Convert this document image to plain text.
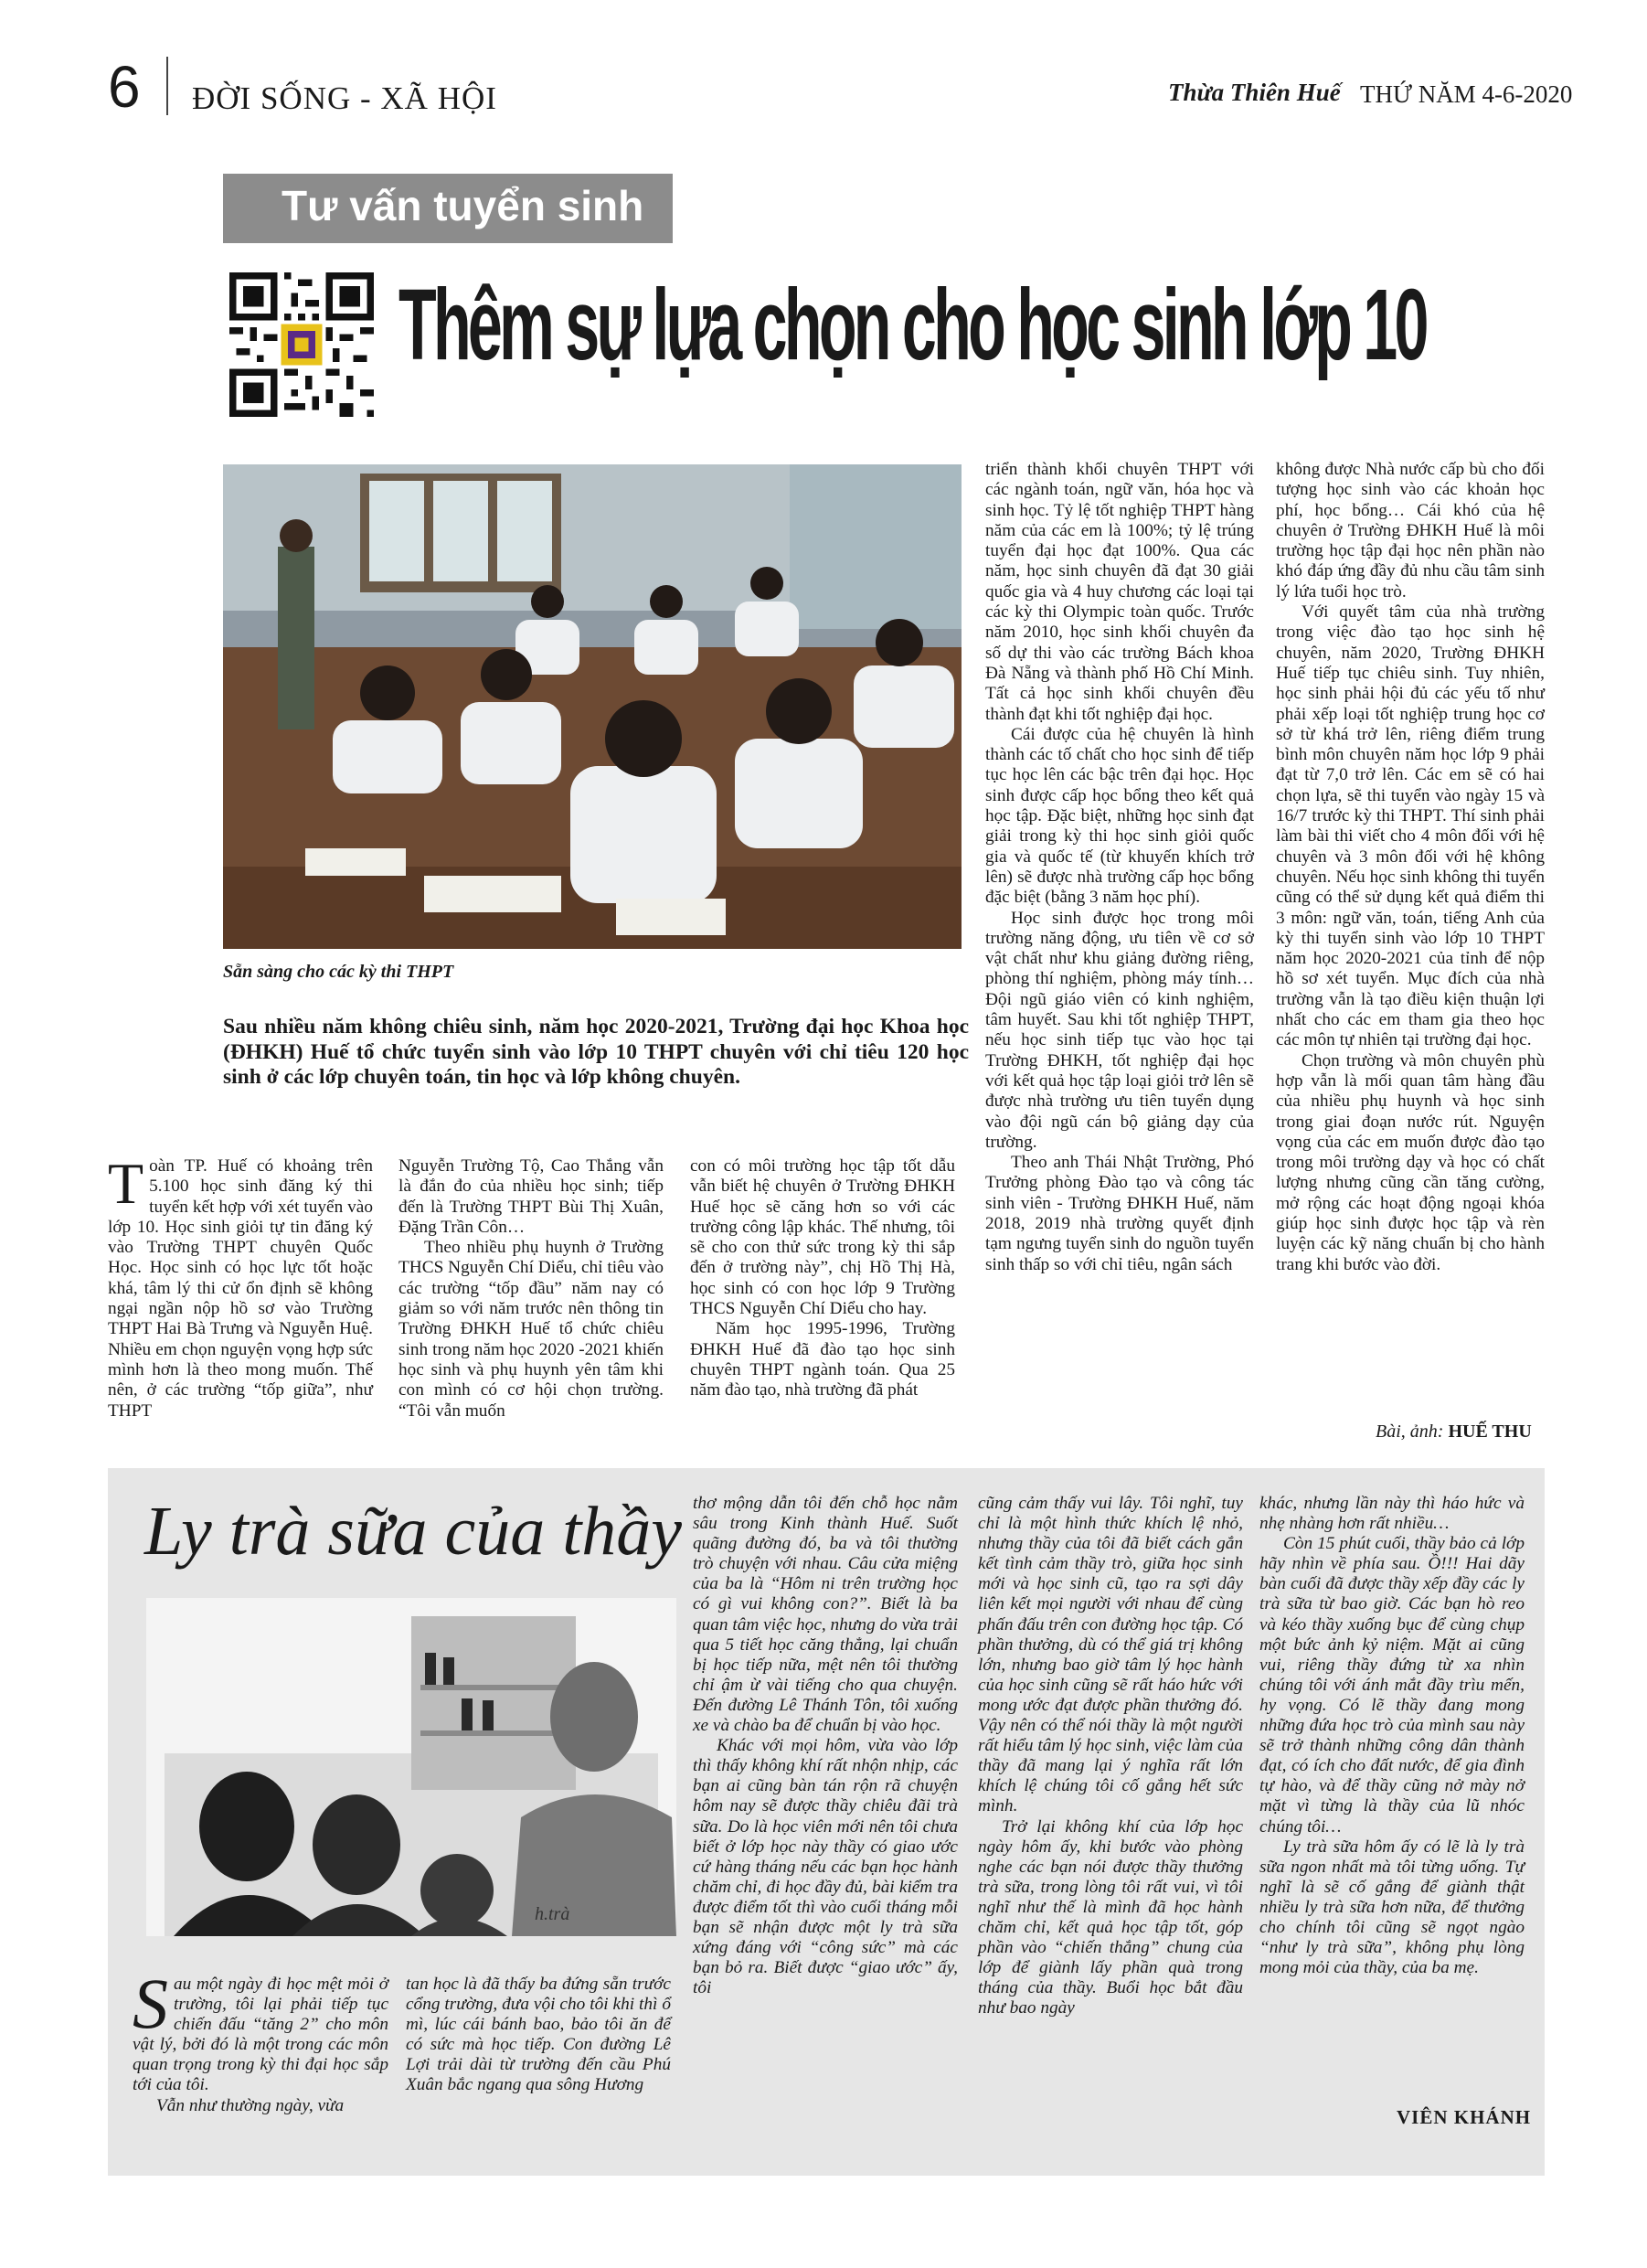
6 ĐỜI SỐNG - XÃ HỘI	Thừa Thiên Huế THỨ NĂM 4-6-2020
Tư vấn tuyển sinh
Thêm sự lựa chọn cho học sinh lớp 10
Sẵn sàng cho các kỳ thi THPT
Sau nhiều năm không chiêu sinh, năm học 2020-2021, Trường đại học Khoa học (ĐHKH) Huế tổ chức tuyển sinh vào lớp 10 THPT chuyên với chỉ tiêu 120 học sinh ở các lớp chuyên toán, tin học và lớp không chuyên.

Toàn TP. Huế có khoảng trên 5.100 học sinh đăng ký thi tuyển kết hợp với xét tuyển vào lớp 10. Học sinh giỏi tự tin đăng ký vào Trường THPT chuyên Quốc Học. Học sinh có học lực tốt hoặc khá, tâm lý thi cử ổn định sẽ không ngại ngần nộp hồ sơ vào Trường THPT Hai Bà Trưng và Nguyễn Huệ. Nhiều em chọn nguyện vọng hợp sức mình hơn là theo mong muốn. Thế nên, ở các trường “tốp giữa”, như THPT

Nguyễn Trường Tộ, Cao Thắng vẫn là đắn đo của nhiều học sinh; tiếp đến là Trường THPT Bùi Thị Xuân, Đặng Trần Côn…

Theo nhiều phụ huynh ở Trường THCS Nguyễn Chí Diểu, chỉ tiêu vào các trường “tốp đầu” năm nay có giảm so với năm trước nên thông tin Trường ĐHKH Huế tổ chức chiêu sinh trong năm học 2020 -2021 khiến học sinh và phụ huynh yên tâm khi con mình có cơ hội chọn trường. “Tôi vẫn muốn

con có môi trường học tập tốt dẫu vẫn biết hệ chuyên ở Trường ĐHKH Huế học sẽ căng hơn so với các trường công lập khác. Thế nhưng, tôi sẽ cho con thử sức trong kỳ thi sắp đến ở trường này”, chị Hồ Thị Hà, học sinh có con học lớp 9 Trường THCS Nguyễn Chí Diểu cho hay.

Năm học 1995-1996, Trường ĐHKH Huế đã đào tạo học sinh chuyên THPT ngành toán. Qua 25 năm đào tạo, nhà trường đã phát

triển thành khối chuyên THPT với các ngành toán, ngữ văn, hóa học và sinh học. Tỷ lệ tốt nghiệp THPT hàng năm của các em là 100%; tỷ lệ trúng tuyển đại học đạt 100%. Qua các năm, học sinh chuyên đã đạt 30 giải quốc gia và 4 huy chương các loại tại các kỳ thi Olympic toàn quốc. Trước năm 2010, học sinh khối chuyên đa số dự thi vào các trường Bách khoa Đà Nẵng và thành phố Hồ Chí Minh. Tất cả học sinh khối chuyên đều thành đạt khi tốt nghiệp đại học.

Cái được của hệ chuyên là hình thành các tố chất cho học sinh để tiếp tục học lên các bậc trên đại học. Học sinh được cấp học bổng theo kết quả học tập. Đặc biệt, những học sinh đạt giải trong kỳ thi học sinh giỏi quốc gia và quốc tế (từ khuyến khích trở lên) sẽ được nhà trường cấp học bổng đặc biệt (bằng 3 năm học phí).

Học sinh được học trong môi trường năng động, ưu tiên về cơ sở vật chất như khu giảng đường riêng, phòng thí nghiệm, phòng máy tính… Đội ngũ giáo viên có kinh nghiệm, tâm huyết. Sau khi tốt nghiệp THPT, nếu học sinh tiếp tục vào học tại Trường ĐHKH, tốt nghiệp đại học với kết quả học tập loại giỏi trở lên sẽ được nhà trường ưu tiên tuyển dụng vào đội ngũ cán bộ giảng dạy của trường.

Theo anh Thái Nhật Trường, Phó Trưởng phòng Đào tạo và công tác sinh viên - Trường ĐHKH Huế, năm 2018, 2019 nhà trường quyết định tạm ngưng tuyển sinh do nguồn tuyển sinh thấp so với chỉ tiêu, ngân sách

không được Nhà nước cấp bù cho đối tượng học sinh vào các khoản học phí, học bổng… Cái khó của hệ chuyên ở Trường ĐHKH Huế là môi trường học tập đại học nên phần nào khó đáp ứng đầy đủ nhu cầu tâm sinh lý lứa tuổi học trò.

Với quyết tâm của nhà trường trong việc đào tạo học sinh hệ chuyên, năm 2020, Trường ĐHKH Huế tiếp tục chiêu sinh. Tuy nhiên, học sinh phải hội đủ các yếu tố như phải xếp loại tốt nghiệp trung học cơ sở từ khá trở lên, riêng điểm trung bình môn chuyên năm học lớp 9 phải đạt từ 7,0 trở lên. Các em sẽ có hai chọn lựa, sẽ thi tuyển vào ngày 15 và 16/7 trước kỳ thi THPT. Thí sinh phải làm bài thi viết cho 4 môn đối với hệ chuyên và 3 môn đối với hệ không chuyên. Nếu học sinh không thi tuyển cũng có thể sử dụng kết quả điểm thi 3 môn: ngữ văn, toán, tiếng Anh của kỳ thi tuyển sinh vào lớp 10 THPT năm học 2020-2021 của tỉnh để nộp hồ sơ xét tuyển. Mục đích của nhà trường vẫn là tạo điều kiện thuận lợi nhất cho các em tham gia theo học các môn tự nhiên tại trường đại học.

Chọn trường và môn chuyên phù hợp vẫn là mối quan tâm hàng đầu của nhiều phụ huynh và học sinh trong giai đoạn nước rút. Nguyện vọng của các em muốn được đào tạo trong môi trường dạy và học có chất lượng nhưng cũng cần tăng cường, mở rộng các hoạt động ngoại khóa giúp học sinh được học tập và rèn luyện các kỹ năng chuẩn bị cho hành trang khi bước vào đời.

Bài, ảnh: HUẾ THU
Ly trà sữa của thầy
h.trà

Sau một ngày đi học mệt mỏi ở trường, tôi lại phải tiếp tục chiến đấu “tăng 2” cho môn vật lý, bởi đó là một trong các môn quan trọng trong kỳ thi đại học sắp tới của tôi.

Vẫn như thường ngày, vừa

tan học là đã thấy ba đứng sẵn trước cổng trường, đưa vội cho tôi khi thì ổ mì, lúc cái bánh bao, bảo tôi ăn để có sức mà học tiếp. Con đường Lê Lợi trải dài từ trường đến cầu Phú Xuân bắc ngang qua sông Hương

thơ mộng dẫn tôi đến chỗ học nằm sâu trong Kinh thành Huế. Suốt quãng đường đó, ba và tôi thường trò chuyện với nhau. Câu cửa miệng của ba là “Hôm ni trên trường học có gì vui không con?”. Biết là ba quan tâm việc học, nhưng do vừa trải qua 5 tiết học căng thẳng, lại chuẩn bị học tiếp nữa, mệt nên tôi thường chỉ ậm ừ vài tiếng cho qua chuyện. Đến đường Lê Thánh Tôn, tôi xuống xe và chào ba để chuẩn bị vào học.

Khác với mọi hôm, vừa vào lớp thì thấy không khí rất nhộn nhịp, các bạn ai cũng bàn tán rộn rã chuyện hôm nay sẽ được thầy chiêu đãi trà sữa. Do là học viên mới nên tôi chưa biết ở lớp học này thầy có giao ước cứ hàng tháng nếu các bạn học hành chăm chỉ, đi học đầy đủ, bài kiểm tra được điểm tốt thì vào cuối tháng mỗi bạn sẽ nhận được một ly trà sữa xứng đáng với “công sức” mà các bạn bỏ ra. Biết được “giao ước” ấy, tôi

cũng cảm thấy vui lây. Tôi nghĩ, tuy chỉ là một hình thức khích lệ nhỏ, nhưng thầy của tôi đã biết cách gắn kết tình cảm thầy trò, giữa học sinh mới và học sinh cũ, tạo ra sợi dây liên kết mọi người với nhau để cùng phấn đấu trên con đường học tập. Có phần thưởng, dù có thể giá trị không lớn, nhưng bao giờ tâm lý học hành của học sinh cũng sẽ rất háo hức với mong ước đạt được phần thưởng đó. Vậy nên có thể nói thầy là một người rất hiểu tâm lý học sinh, việc làm của thầy đã mang lại ý nghĩa rất lớn khích lệ chúng tôi cố gắng hết sức mình.

Trở lại không khí của lớp học ngày hôm ấy, khi bước vào phòng nghe các bạn nói được thầy thưởng trà sữa, trong lòng tôi rất vui, vì tôi nghĩ như thế là mình đã học hành chăm chỉ, kết quả học tập tốt, góp phần vào “chiến thắng” chung của lớp để giành lấy phần quà trong tháng của thầy. Buổi học bắt đầu như bao ngày

khác, nhưng lần này thì háo hức và nhẹ nhàng hơn rất nhiều…

Còn 15 phút cuối, thầy bảo cả lớp hãy nhìn về phía sau. Ồ!!! Hai dãy bàn cuối đã được thầy xếp đầy các ly trà sữa từ bao giờ. Các bạn hò reo và kéo thầy xuống bục để cùng chụp một bức ảnh kỷ niệm. Mặt ai cũng vui, riêng thầy đứng từ xa nhìn chúng tôi với ánh mắt đầy trìu mến, hy vọng. Có lẽ thầy đang mong những đứa học trò của mình sau này sẽ trở thành những công dân thành đạt, có ích cho đất nước, để gia đình tự hào, và để thầy cũng nở mày nở mặt vì từng là thầy của lũ nhóc chúng tôi…

Ly trà sữa hôm ấy có lẽ là ly trà sữa ngon nhất mà tôi từng uống. Tự nghĩ là sẽ cố gắng để giành thật nhiều ly trà sữa hơn nữa, để thưởng cho chính tôi cũng sẽ ngọt ngào “như ly trà sữa”, không phụ lòng mong mỏi của thầy, của ba mẹ.

VIÊN KHÁNH
